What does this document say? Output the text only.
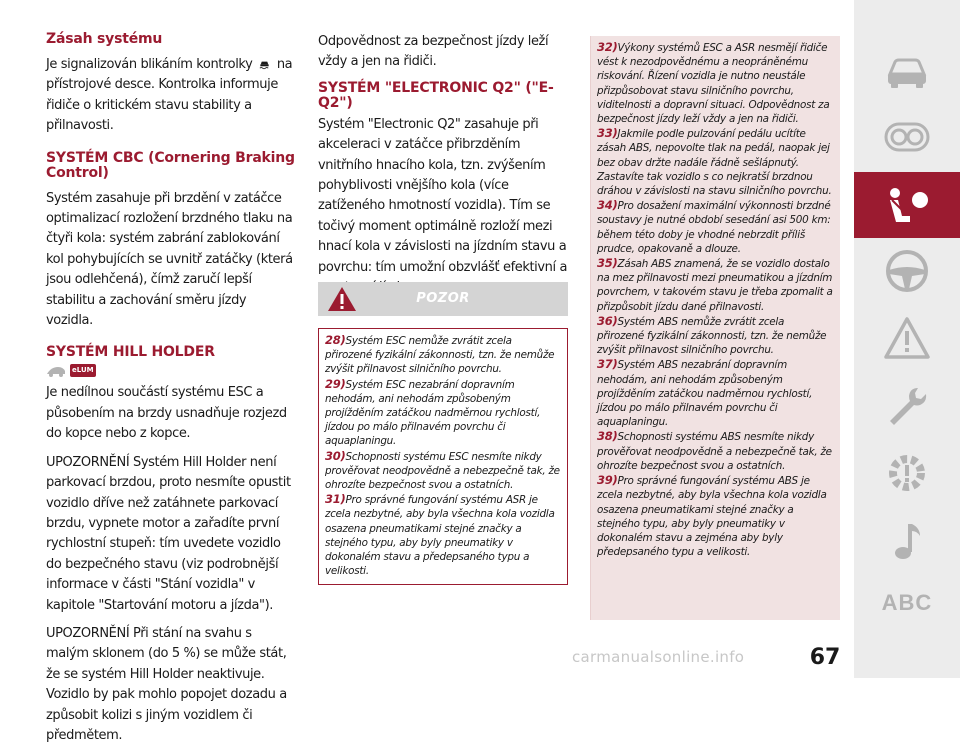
Zásah systému

Je signalizován blikáním kontrolky na přístrojové desce. Kontrolka informuje řidiče o kritickém stavu stability a přilnavosti.

SYSTÉM CBC (Cornering Braking Control)

Systém zasahuje při brzdění v zatáčce optimalizací rozložení brzdného tlaku na čtyři kola: systém zabrání zablokování kol pohybujících se uvnitř zatáčky (která jsou odlehčená), čímž zaručí lepší stabilitu a zachování směru jízdy vozidla.

SYSTÉM HILL HOLDER
eLUM

Je nedílnou součástí systému ESC a působením na brzdy usnadňuje rozjezd do kopce nebo z kopce.

UPOZORNĚNÍ Systém Hill Holder není parkovací brzdou, proto nesmíte opustit vozidlo dříve než zatáhnete parkovací brzdu, vypnete motor a zařadíte první rychlostní stupeň: tím uvedete vozidlo do bezpečného stavu (viz podrobnější informace v části "Stání vozidla" v kapitole "Startování motoru a jízda").

UPOZORNĚNÍ Při stání na svahu s malým sklonem (do 5 %) se může stát, že se systém Hill Holder neaktivuje. Vozidlo by pak mohlo popojet dozadu a způsobit kolizi s jiným vozidlem či předmětem.

Odpovědnost za bezpečnost jízdy leží vždy a jen na řidiči.

SYSTÉM "ELECTRONIC Q2" ("E-Q2")

Systém "Electronic Q2" zasahuje při akceleraci v zatáčce přibrzděním vnitřního hnacího kola, tzn. zvýšením pohyblivosti vnějšího kola (více zatíženého hmotností vozidla). Tím se točivý moment optimálně rozloží mezi hnací kola v závislosti na jízdním stavu a povrchu: tím umožní obzvlášť efektivní a

POZOR

28)Systém ESC nemůže zvrátit zcela přirozené fyzikální zákonnosti, tzn. že nemůže zvýšit přilnavost silničního povrchu.

29)Systém ESC nezabrání dopravním nehodám, ani nehodám způsobeným projížděním zatáčkou nadměrnou rychlostí, jízdou po málo přilnavém povrchu či aquaplaningu.

30)Schopnosti systému ESC nesmíte nikdy prověřovat neodpovědně a nebezpečně tak, že ohrozíte bezpečnost svou a ostatních.

31)Pro správné fungování systému ASR je zcela nezbytné, aby byla všechna kola vozidla osazena pneumatikami stejné značky a stejného typu, aby byly pneumatiky v dokonalém stavu a předepsaného typu a velikosti.

32)Výkony systémů ESC a ASR nesmějí řidiče vést k nezodpovědnému a neopráněnému riskování. Řízení vozidla je nutno neustále přizpůsobovat stavu silničního povrchu, viditelnosti a dopravní situaci. Odpovědnost za bezpečnost jízdy leží vždy a jen na řidiči.

33)Jakmile podle pulzování pedálu ucítíte zásah ABS, nepovolte tlak na pedál, naopak jej bez obav držte nadále řádně sešlápnutý. Zastavíte tak vozidlo s co nejkratší brzdnou dráhou v závislosti na stavu silničního povrchu.

34)Pro dosažení maximální výkonnosti brzdné soustavy je nutné období sesedání asi 500 km: během této doby je vhodné nebrzdit příliš prudce, opakovaně a dlouze.

35)Zásah ABS znamená, že se vozidlo dostalo na mez přilnavosti mezi pneumatikou a jízdním povrchem, v takovém stavu je třeba zpomalit a přizpůsobit jízdu dané přilnavosti.

36)Systém ABS nemůže zvrátit zcela přirozené fyzikální zákonnosti, tzn. že nemůže zvýšit přilnavost silničního povrchu.

37)Systém ABS nezabrání dopravním nehodám, ani nehodám způsobeným projížděním zatáčkou nadměrnou rychlostí, jízdou po málo přilnavém povrchu či aquaplaningu.

38)Schopnosti systému ABS nesmíte nikdy prověřovat neodpovědně a nebezpečně tak, že ohrozíte bezpečnost svou a ostatních.

39)Pro správné fungování systému ABS je zcela nezbytné, aby byla všechna kola vozidla osazena pneumatikami stejné značky a stejného typu, aby byly pneumatiky v dokonalém stavu a zejména aby byly předepsaného typu a velikosti.

ABC
67
carmanualsonline.info
